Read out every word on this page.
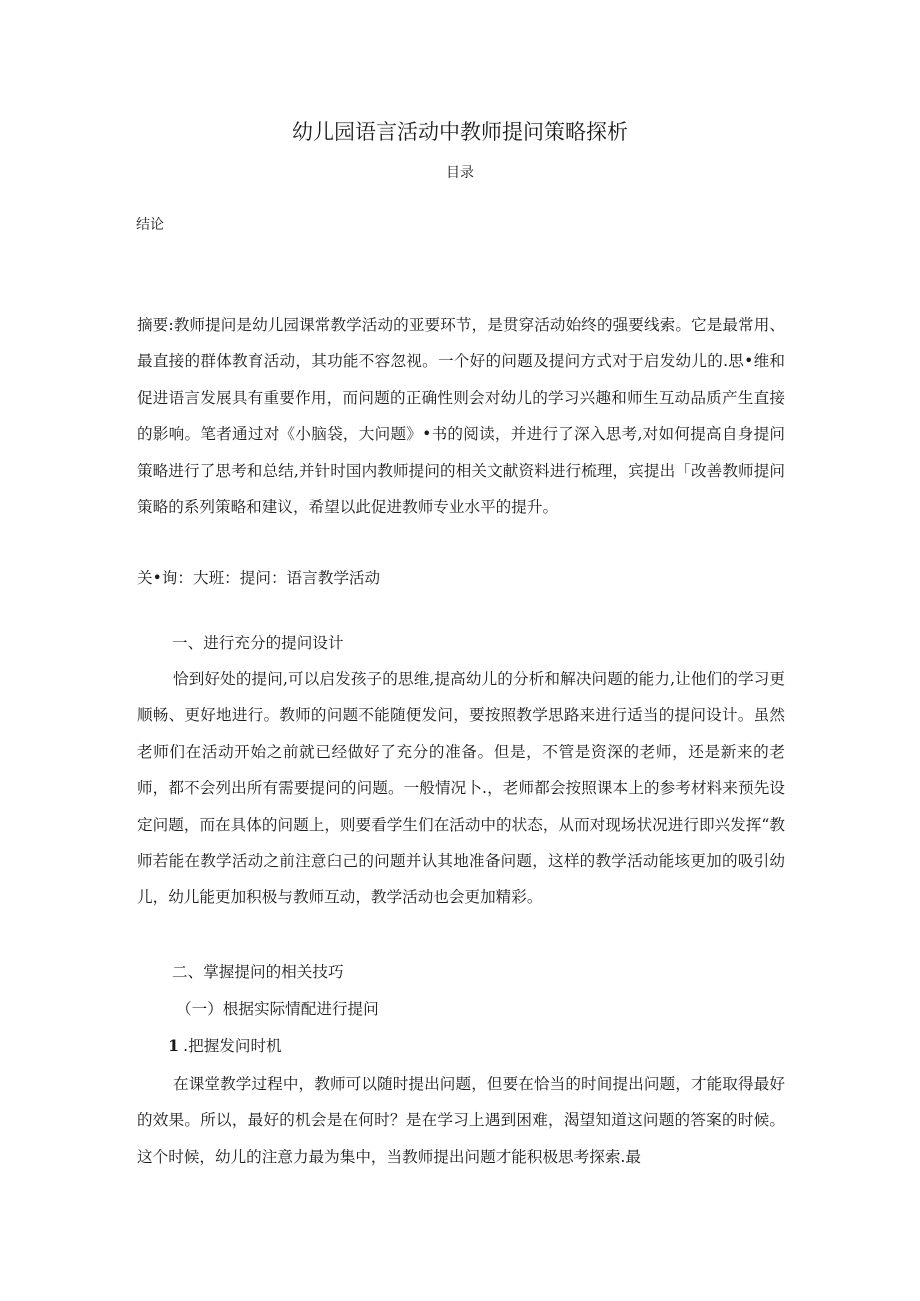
幼儿园语言活动中教师提问策略探析
目录
结论

摘要:教师提问是幼儿园课常教学活动的亚要环节，是贯穿活动始终的强要线索。它是最常用、最直接的群体教育活动，其功能不容忽视。一个好的问题及提问方式对于启发幼儿的.思•维和促进语言发展具有重要作用，而问题的正确性则会对幼儿的学习兴趣和师生互动品质产生直接的影响。笔者通过对《小脑袋，大问题》•书的阅读，并进行了深入思考,对如何提高自身提问策略进行了思考和总结,并针时国内教师提问的相关文献资料进行梳理，宾提出「改善教师提问策略的系列策略和建议，希望以此促进教师专业水平的提升。

关•询：大班：提问：语言教学活动
一、进行充分的提问设计

恰到好处的提问,可以启发孩子的思维,提高幼儿的分析和解决问题的能力,让他们的学习更顺畅、更好地进行。教师的问题不能随便发问，要按照教学思路来进行适当的提问设计。虽然老师们在活动开始之前就已经做好了充分的准备。但是，不管是资深的老师，还是新来的老师，都不会列出所有需要提问的问题。一般情况卜.，老师都会按照课本上的参考材料来预先设定问题，而在具体的问题上，则要看学生们在活动中的状态，从而对现场状况进行即兴发挥“教师若能在教学活动之前注意臼己的问题并认其地准备问题，这样的教学活动能垓更加的吸引幼儿，幼儿能更加积极与教师互动，教学活动也会更加精彩。

二、掌握提问的相关技巧
（一）根据实际情配进行提问
1 .把握发问时机

在课堂教学过程中，教师可以随时提出问题，但要在恰当的时间提出问题，才能取得最好的效果。所以，最好的机会是在何时？是在学习上遇到困难，渴望知道这问题的答案的时候。这个时候，幼儿的注意力最为集中，当教师提出问题才能积极思考探索.最
